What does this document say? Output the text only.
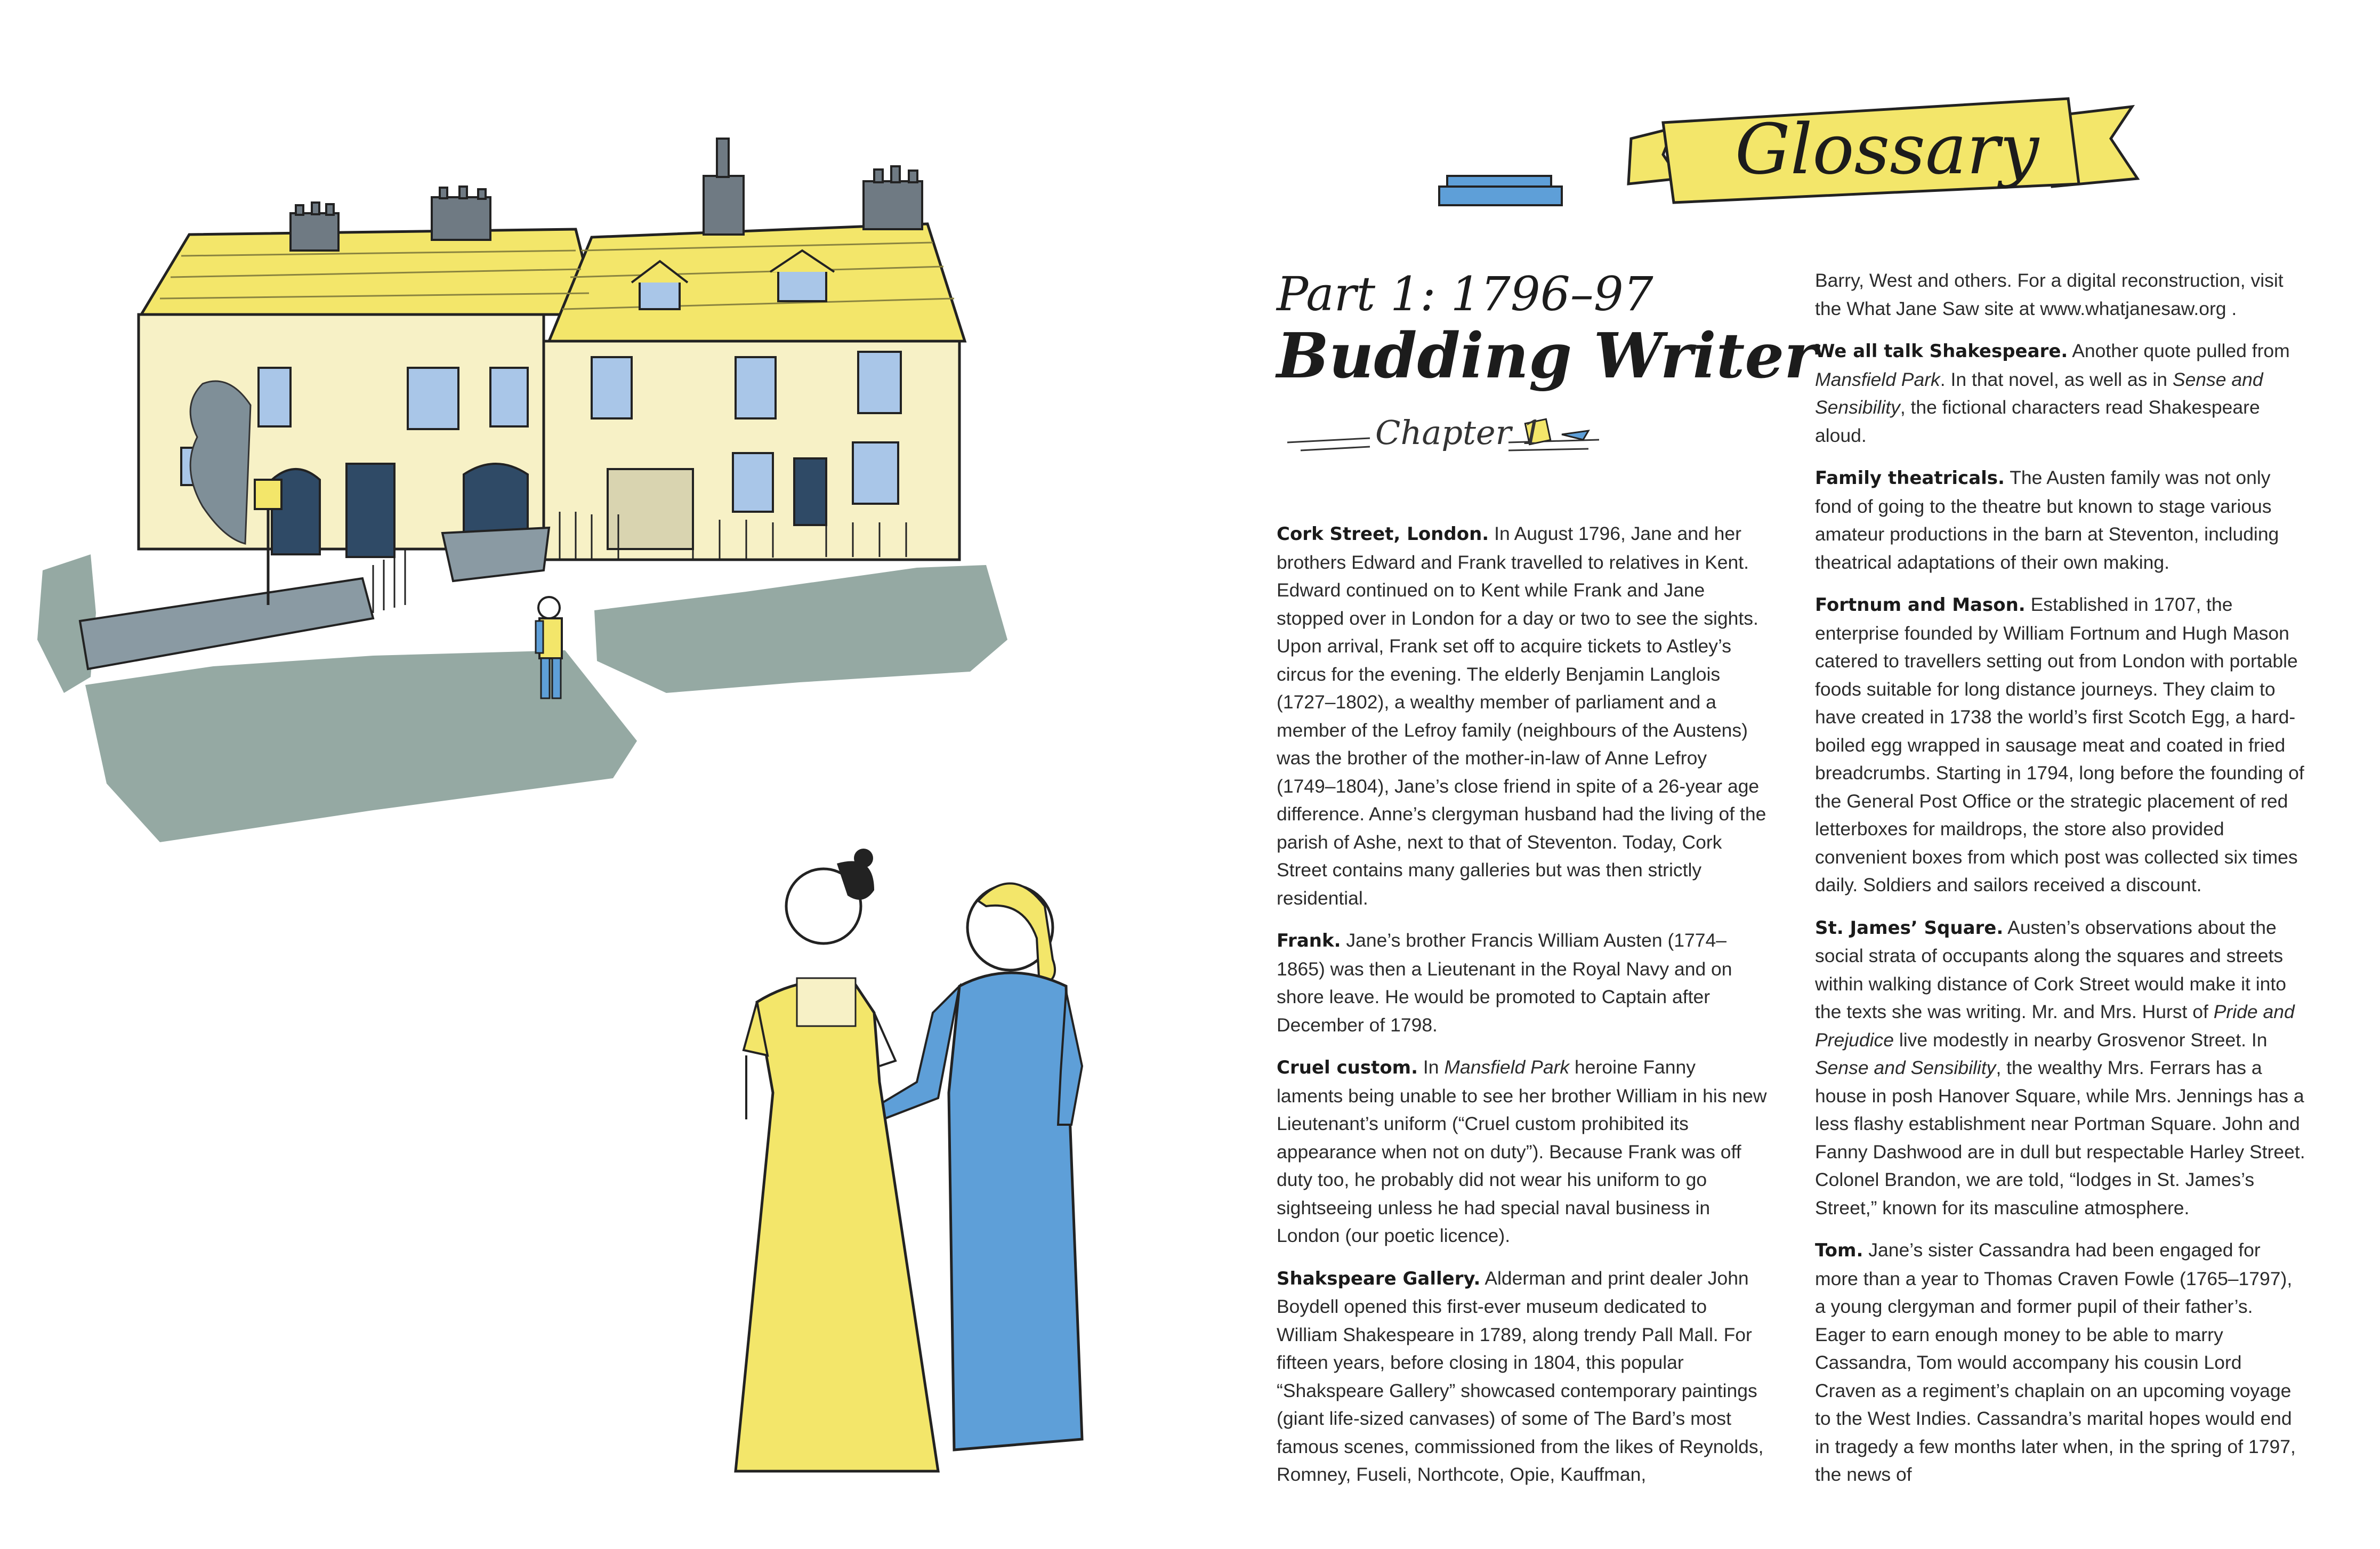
Glossary
Part 1: 1796–97
Budding Writer
Chapter 1

Cork Street, London. In August 1796, Jane and her brothers Edward and Frank travelled to relatives in Kent. Edward continued on to Kent while Frank and Jane stopped over in London for a day or two to see the sights. Upon arrival, Frank set off to acquire tickets to Astley’s circus for the evening. The elderly Benjamin Langlois (1727–1802), a wealthy member of parliament and a member of the Lefroy family (neighbours of the Austens) was the brother of the mother-in-law of Anne Lefroy (1749–1804), Jane’s close friend in spite of a 26-year age difference. Anne’s clergyman husband had the living of the parish of Ashe, next to that of Steventon. Today, Cork Street contains many galleries but was then strictly residential.

Frank. Jane’s brother Francis William Austen (1774–1865) was then a Lieutenant in the Royal Navy and on shore leave. He would be promoted to Captain after December of 1798.

Cruel custom. In Mansfield Park heroine Fanny laments being unable to see her brother William in his new Lieutenant’s uniform (“Cruel custom prohibited its appearance when not on duty”). Because Frank was off duty too, he probably did not wear his uniform to go sightseeing unless he had special naval business in London (our poetic licence).

Shakspeare Gallery. Alderman and print dealer John Boydell opened this first-ever museum dedicated to William Shakespeare in 1789, along trendy Pall Mall. For fifteen years, before closing in 1804, this popular “Shakspeare Gallery” showcased contemporary paintings (giant life-sized canvases) of some of The Bard’s most famous scenes, commissioned from the likes of Reynolds, Romney, Fuseli, Northcote, Opie, Kauffman,

Barry, West and others. For a digital reconstruction, visit the What Jane Saw site at www.whatjanesaw.org .

We all talk Shakespeare. Another quote pulled from Mansfield Park. In that novel, as well as in Sense and Sensibility, the fictional characters read Shakespeare aloud.

Family theatricals. The Austen family was not only fond of going to the theatre but known to stage various amateur productions in the barn at Steventon, including theatrical adaptations of their own making.

Fortnum and Mason. Established in 1707, the enterprise founded by William Fortnum and Hugh Mason catered to travellers setting out from London with portable foods suitable for long distance journeys. They claim to have created in 1738 the world’s first Scotch Egg, a hard-boiled egg wrapped in sausage meat and coated in fried breadcrumbs. Starting in 1794, long before the founding of the General Post Office or the strategic placement of red letterboxes for maildrops, the store also provided convenient boxes from which post was collected six times daily. Soldiers and sailors received a discount.

St. James’ Square. Austen’s observations about the social strata of occupants along the squares and streets within walking distance of Cork Street would make it into the texts she was writing. Mr. and Mrs. Hurst of Pride and Prejudice live modestly in nearby Grosvenor Street. In Sense and Sensibility, the wealthy Mrs. Ferrars has a house in posh Hanover Square, while Mrs. Jennings has a less flashy establishment near Portman Square. John and Fanny Dashwood are in dull but respectable Harley Street. Colonel Brandon, we are told, “lodges in St. James’s Street,” known for its masculine atmosphere.

Tom. Jane’s sister Cassandra had been engaged for more than a year to Thomas Craven Fowle (1765–1797), a young clergyman and former pupil of their father’s. Eager to earn enough money to be able to marry Cassandra, Tom would accompany his cousin Lord Craven as a regiment’s chaplain on an upcoming voyage to the West Indies. Cassandra’s marital hopes would end in tragedy a few months later when, in the spring of 1797, the news of
